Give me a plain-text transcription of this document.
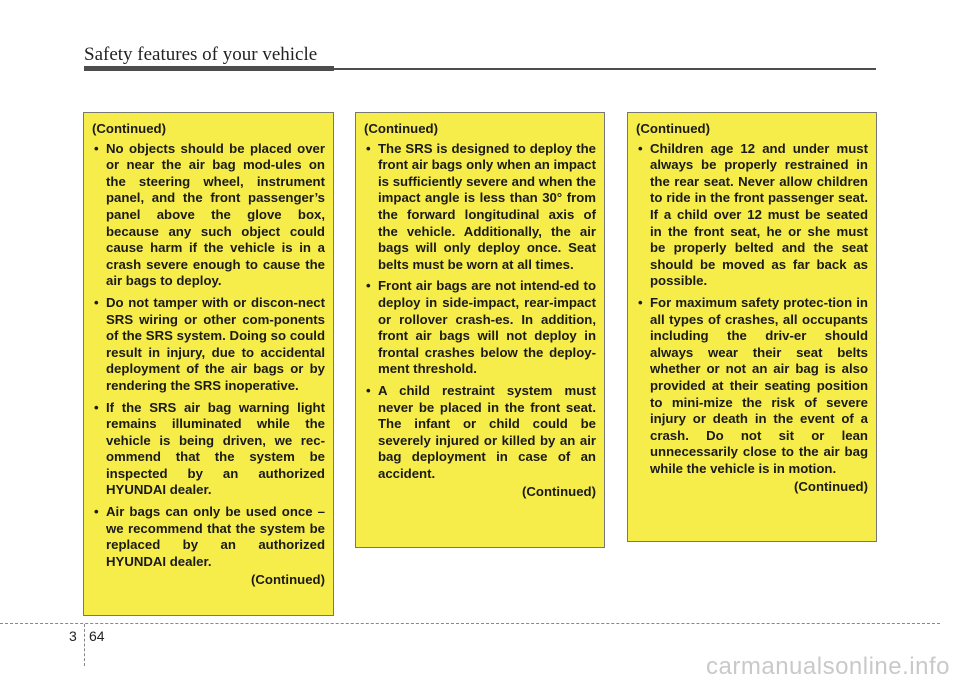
Safety features of your vehicle
(Continued)
• No objects should be placed over or near the air bag mod-ules on the steering wheel, instrument panel, and the front passenger’s panel above the glove box, because any such object could cause harm if the vehicle is in a crash severe enough to cause the air bags to deploy.
• Do not tamper with or discon-nect SRS wiring or other com-ponents of the SRS system. Doing so could result in injury, due to accidental deployment of the air bags or by rendering the SRS inoperative.
• If the SRS air bag warning light remains illuminated while the vehicle is being driven, we rec-ommend that the system be inspected by an authorized HYUNDAI dealer.
• Air bags can only be used once – we recommend that the system be replaced by an authorized HYUNDAI dealer.
(Continued)
(Continued)
• The SRS is designed to deploy the front air bags only when an impact is sufficiently severe and when the impact angle is less than 30° from the forward longitudinal axis of the vehicle. Additionally, the air bags will only deploy once. Seat belts must be worn at all times.
• Front air bags are not intend-ed to deploy in side-impact, rear-impact or rollover crash-es. In addition, front air bags will not deploy in frontal crashes below the deploy-ment threshold.
• A child restraint system must never be placed in the front seat. The infant or child could be severely injured or killed by an air bag deployment in case of an accident.
(Continued)
(Continued)
• Children age 12 and under must always be properly restrained in the rear seat. Never allow children to ride in the front passenger seat. If a child over 12 must be seated in the front seat, he or she must be properly belted and the seat should be moved as far back as possible.
• For maximum safety protec-tion in all types of crashes, all occupants including the driv-er should always wear their seat belts whether or not an air bag is also provided at their seating position to mini-mize the risk of severe injury or death in the event of a crash. Do not sit or lean unnecessarily close to the air bag while the vehicle is in motion.
(Continued)
3 64
carmanualsonline.info
